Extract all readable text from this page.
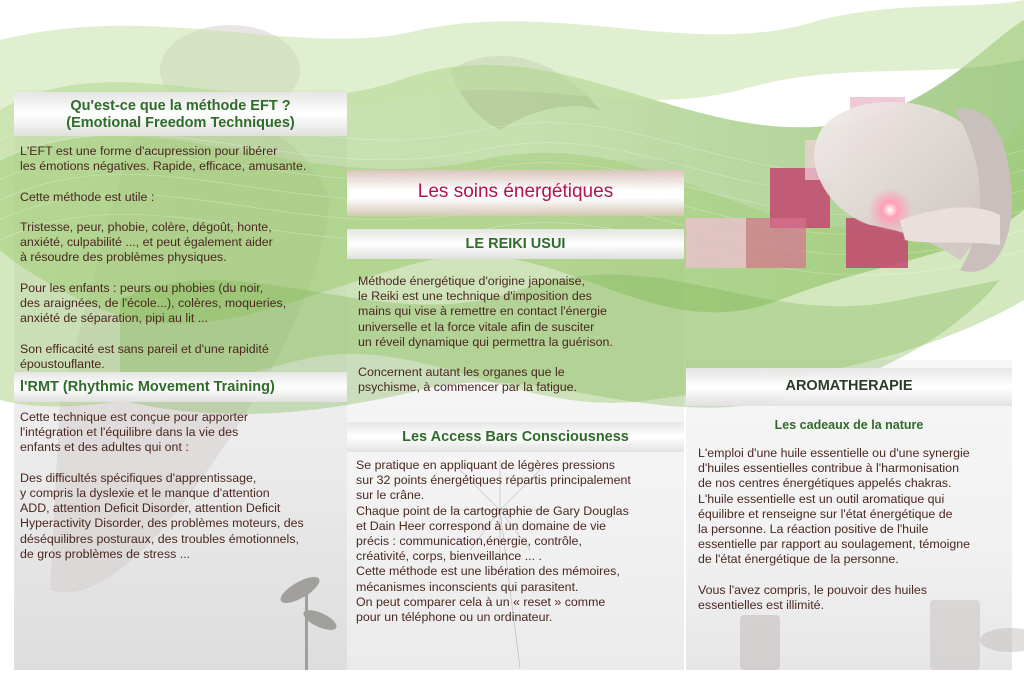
Qu'est-ce que la méthode EFT ?
(Emotional Freedom Techniques)
L'EFT est une forme d'acupression pour libérer
les émotions négatives. Rapide, efficace, amusante.

Cette méthode est utile :

Tristesse, peur, phobie, colère, dégoût, honte,
anxiété, culpabilité ..., et peut également aider
à résoudre des problèmes physiques.

Pour les enfants : peurs ou phobies (du noir,
des araignées, de l'école...), colères, moqueries,
anxiété de séparation, pipi au lit ...

Son efficacité est sans pareil et d'une rapidité
époustouflante.
l'RMT (Rhythmic Movement Training)
Cette technique est conçue pour apporter
l'intégration et l'équilibre dans la vie des
enfants et des adultes qui ont :

Des difficultés spécifiques d'apprentissage,
y compris la dyslexie et le manque d'attention
ADD, attention Deficit Disorder, attention Deficit
Hyperactivity Disorder, des problèmes moteurs, des
déséquilibres posturaux, des troubles émotionnels,
de gros problèmes de stress ...
Les soins énergétiques
LE REIKI USUI
Méthode énergétique d'origine japonaise,
le Reiki est une technique d'imposition des
mains qui vise à remettre en contact l'énergie
universelle et la force vitale afin de susciter
un réveil dynamique qui permettra la guérison.

Concernent autant les organes que le
psychisme, à commencer par la fatigue.
Les Access Bars Consciousness
Se pratique en appliquant de légères pressions
sur 32 points énergétiques répartis principalement
sur le crâne.
Chaque point de la cartographie de Gary Douglas
et Dain Heer correspond à un domaine de vie
précis : communication,énergie, contrôle,
créativité, corps, bienveillance ... .
Cette méthode est une libération des mémoires,
mécanismes inconscients qui parasitent.
On peut comparer cela à un « reset » comme
pour un téléphone ou un ordinateur.
AROMATHERAPIE
Les cadeaux de la nature
L'emploi d'une huile essentielle ou d'une synergie
d'huiles essentielles contribue à l'harmonisation
de nos centres énergétiques appelés chakras.
L'huile essentielle est un outil aromatique qui
équilibre et renseigne sur l'état énergétique de
la personne. La réaction positive de l'huile
essentielle par rapport au soulagement, témoigne
de l'état énergétique de la personne.

Vous l'avez compris, le pouvoir des huiles
essentielles est illimité.
